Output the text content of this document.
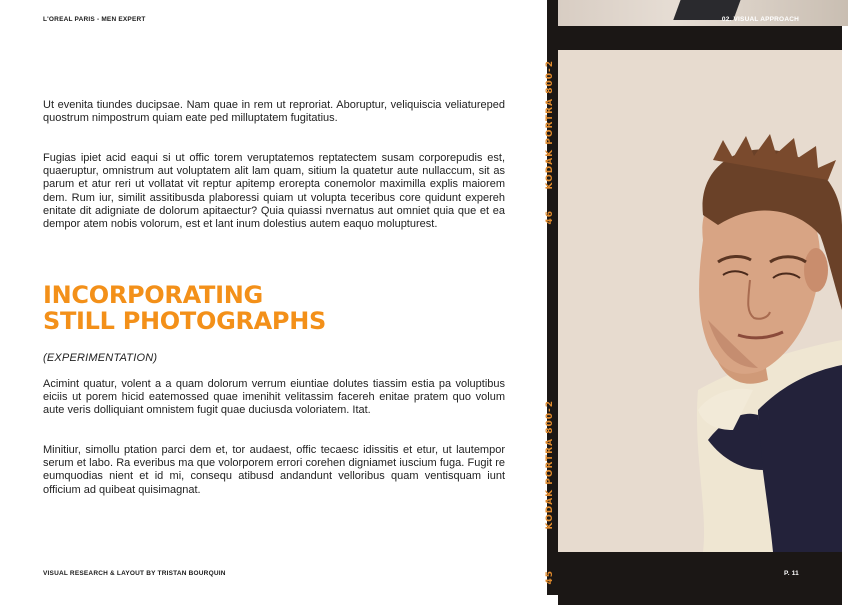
L'OREAL PARIS - MEN EXPERT

Ut evenita tiundes ducipsae. Nam quae in rem ut reproriat. Aboruptur, veliquiscia veliatureped quostrum nimpostrum quiam eate ped milluptatem fugitatius.

Fugias ipiet acid eaqui si ut offic torem veruptatemos reptatectem susam corporepudis est, quaeruptur, omnistrum aut voluptatem alit lam quam, sitium la quatetur aute nullaccum, sit as parum et atur reri ut vollatat vit reptur apitemp erorepta conemolor maximilla explis maiorem dem. Rum iur, similit assitibusda plaboressi quiam ut volupta teceribus core quidunt expereh enitate dit adigniate de dolorum apitaectur? Quia quiassi nvernatus aut omniet quia que et ea dempor atem nobis volorum, est et lant inum dolestius autem eaquo molupturest.

INCORPORATING
STILL PHOTOGRAPHS
(EXPERIMENTATION)

Acimint quatur, volent a a quam dolorum verrum eiuntiae dolutes tiassim estia pa voluptibus eiciis ut porem hicid eatemossed quae imenihit velitassim facereh enitae pratem quo volum aute veris dolliquiant omnistem fugit quae duciusda voloriatem. Itat.

Minitiur, simollu ptation parci dem et, tor audaest, offic tecaesc idissitis et etur, ut lautempor serum et labo. Ra everibus ma que volorporem errori corehen digniamet iuscium fuga. Fugit re eumquodias nient et id mi, consequ atibusd andandunt velloribus quam ventisquam iunt officium ad quibeat quisimagnat.

VISUAL RESEARCH & LAYOUT BY TRISTAN BOURQUIN
KODAK PORTRA 800-2
46
KODAK PORTRA 800-2
45
02. VISUAL APPROACH
P. 11
